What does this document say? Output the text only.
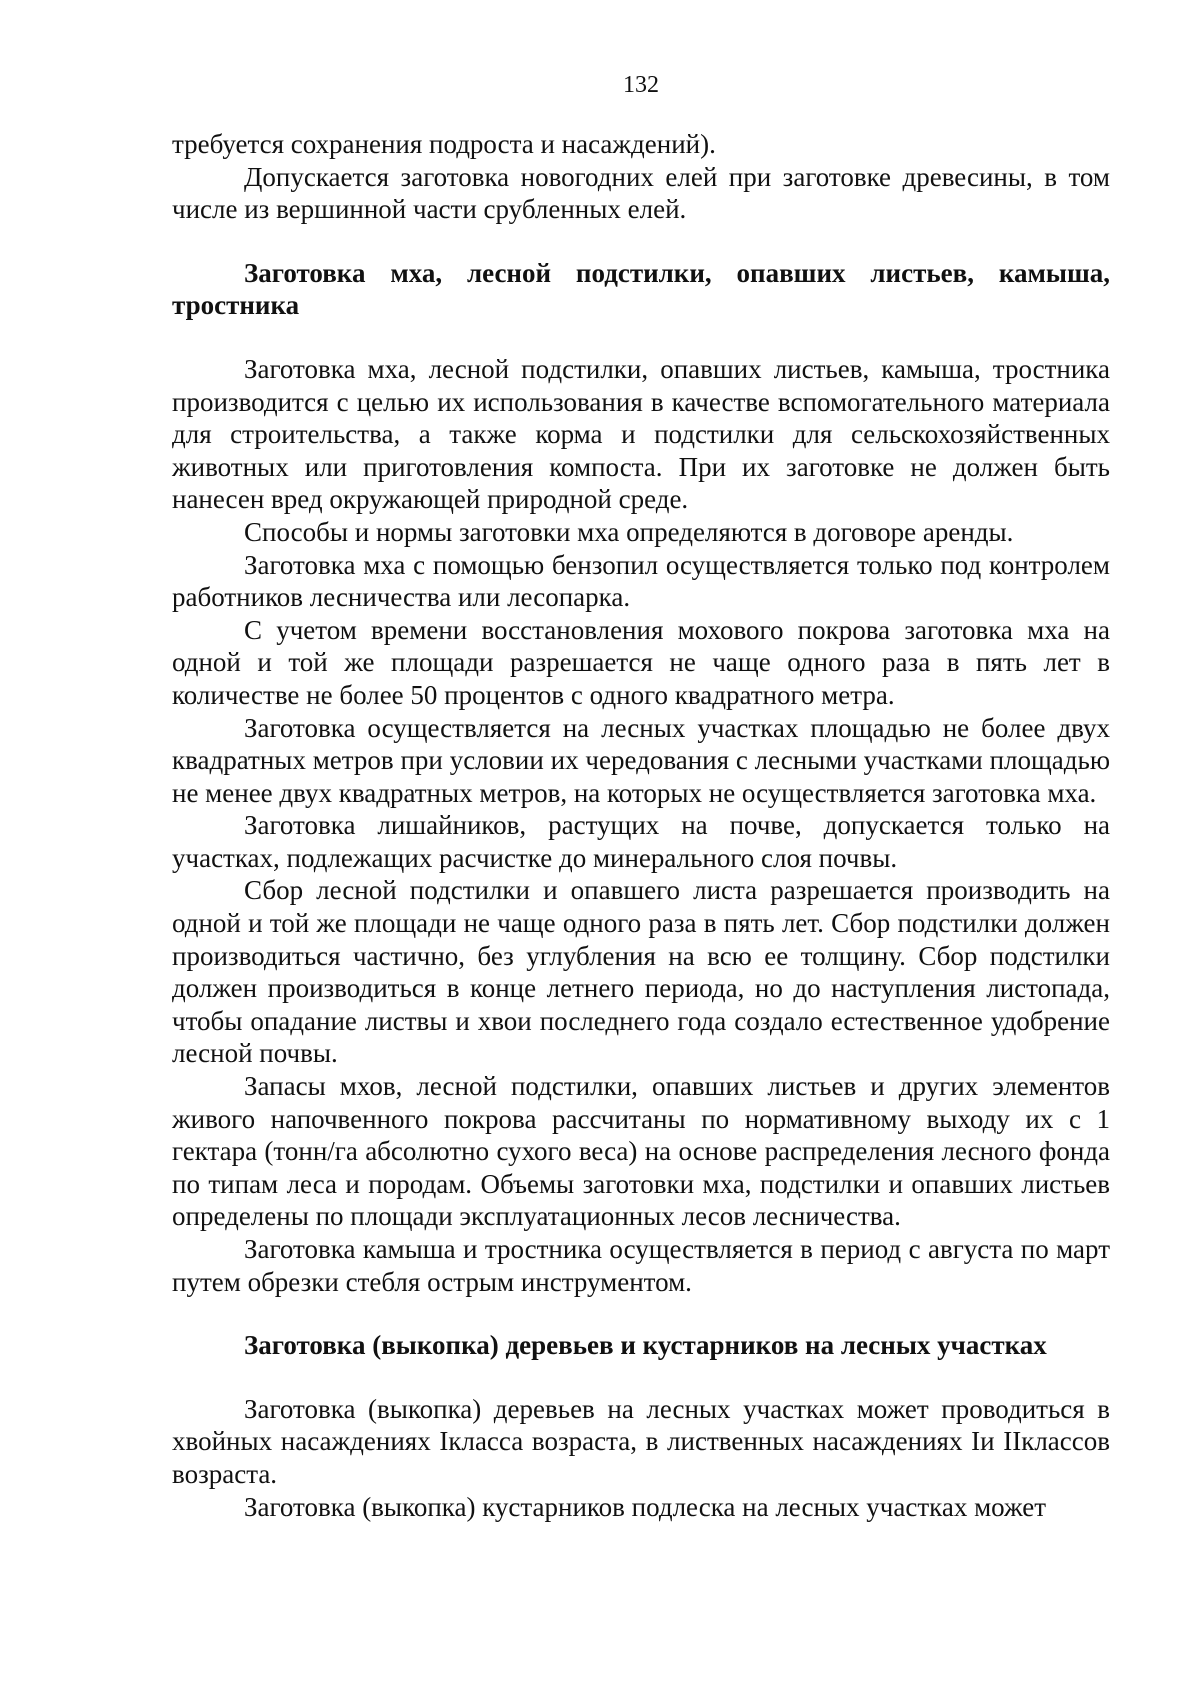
132

требуется сохранения подроста и насаждений).

Допускается заготовка новогодних елей при заготовке древесины, в том числе из вершинной части срубленных елей.

Заготовка мха, лесной подстилки, опавших листьев, камыша, тростника

Заготовка мха, лесной подстилки, опавших листьев, камыша, тростника производится с целью их использования в качестве вспомогательного материала для строительства, а также корма и подстилки для сельскохозяйственных животных или приготовления компоста. При их заготовке не должен быть нанесен вред окружающей природной среде.

Способы и нормы заготовки мха определяются в договоре аренды.

Заготовка мха с помощью бензопил осуществляется только под контролем работников лесничества или лесопарка.

С учетом времени восстановления мохового покрова заготовка мха на одной и той же площади разрешается не чаще одного раза в пять лет в количестве не более 50 процентов с одного квадратного метра.

Заготовка осуществляется на лесных участках площадью не более двух квадратных метров при условии их чередования с лесными участками площадью не менее двух квадратных метров, на которых не осуществляется заготовка мха.

Заготовка лишайников, растущих на почве, допускается только на участках, подлежащих расчистке до минерального слоя почвы.

Сбор лесной подстилки и опавшего листа разрешается производить на одной и той же площади не чаще одного раза в пять лет. Сбор подстилки должен производиться частично, без углубления на всю ее толщину. Сбор подстилки должен производиться в конце летнего периода, но до наступления листопада, чтобы опадание листвы и хвои последнего года создало естественное удобрение лесной почвы.

Запасы мхов, лесной подстилки, опавших листьев и других элементов живого напочвенного покрова рассчитаны по нормативному выходу их с 1 гектара (тонн/га абсолютно сухого веса) на основе распределения лесного фонда по типам леса и породам. Объемы заготовки мха, подстилки и опавших листьев определены по площади эксплуатационных лесов лесничества.

Заготовка камыша и тростника осуществляется в период с августа по март путем обрезки стебля острым инструментом.

Заготовка (выкопка) деревьев и кустарников на лесных участках

Заготовка (выкопка) деревьев на лесных участках может проводиться в хвойных насаждениях Iкласса возраста, в лиственных насаждениях Iи IIклассов возраста.

Заготовка (выкопка) кустарников подлеска на лесных участках может
